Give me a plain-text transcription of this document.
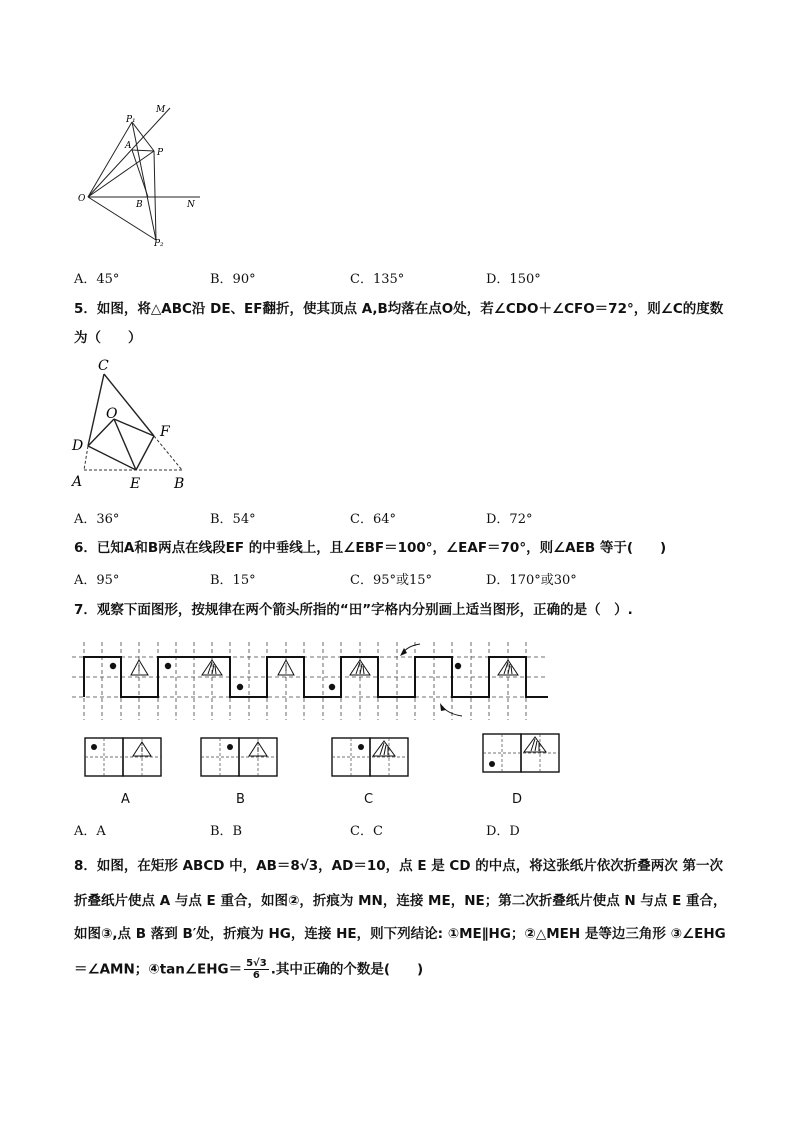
M
P₁
A
P
O
B	N
P₂
A．45°	B．90°	C．135°	D．150°
5．如图，将△ABC沿 DE、EF翻折，使其顶点 A,B均落在点O处，若∠CDO＋∠CFO＝72°，则∠C的度数
为（　　）
C
O
D
F
A	E B
A．36°	B．54°	C．64°	D．72°
6．已知A和B两点在线段EF 的中垂线上，且∠EBF＝100°，∠EAF＝70°，则∠AEB 等于(　　)
A．95°	B．15°	C．95°或15°	D．170°或30°
7．观察下面图形，按规律在两个箭头所指的“田”字格内分别画上适当图形，正确的是（　）.
A	B	C	D
A．A	B．B	C．C	D．D
8．如图，在矩形 ABCD 中，AB＝8√3，AD＝10，点 E 是 CD 的中点，将这张纸片依次折叠两次 第一次
折叠纸片使点 A 与点 E 重合，如图②，折痕为 MN，连接 ME，NE；第二次折叠纸片使点 N 与点 E 重合，
如图③,点 B 落到 B′处，折痕为 HG，连接 HE，则下列结论: ①ME∥HG；②△MEH 是等边三角形 ③∠EHG
＝∠AMN；④tan∠EHG＝ $\frac{5√3}{6}$ .其中正确的个数是(　　)
